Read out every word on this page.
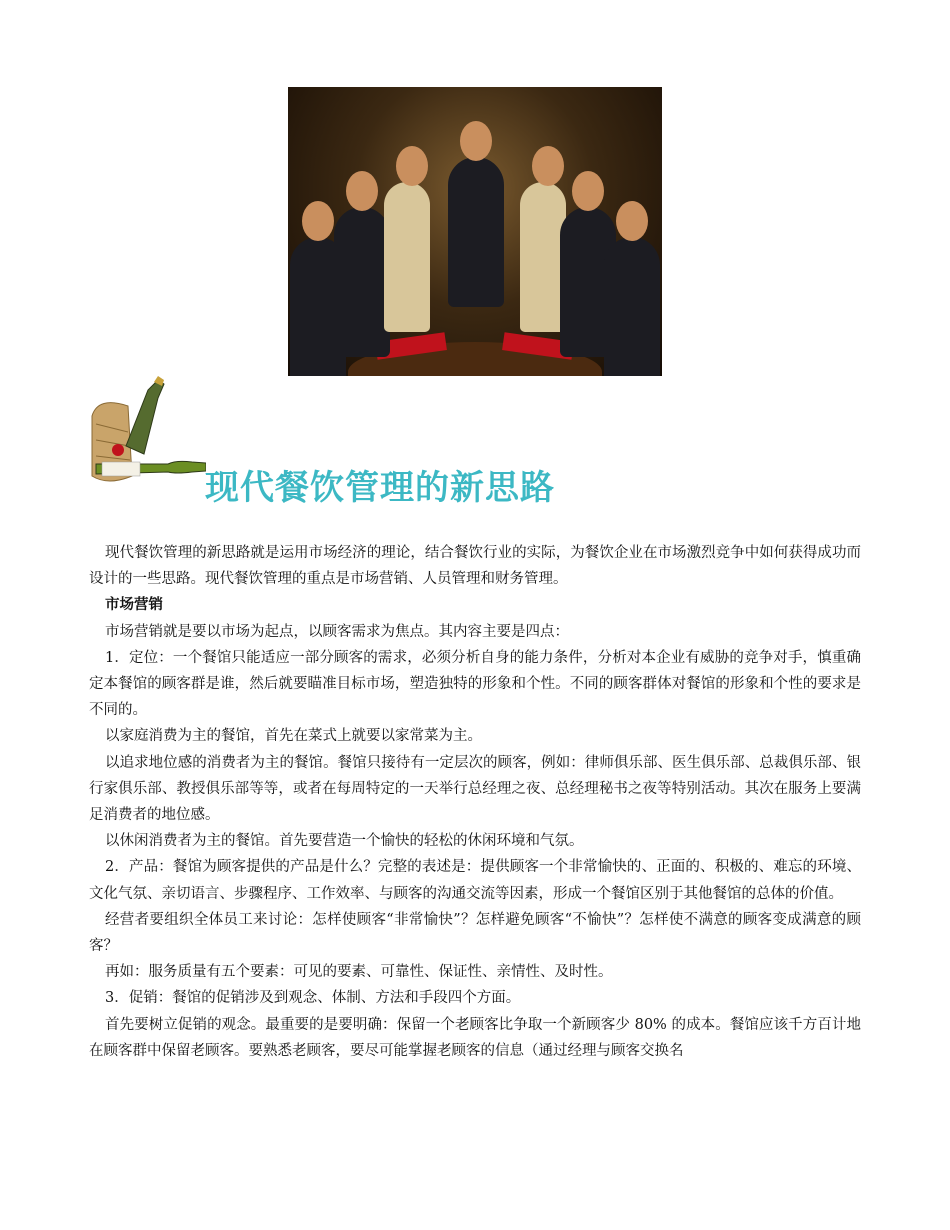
现代餐饮管理的新思路

现代餐饮管理的新思路就是运用市场经济的理论，结合餐饮行业的实际，为餐饮企业在市场激烈竞争中如何获得成功而设计的一些思路。现代餐饮管理的重点是市场营销、人员管理和财务管理。

市场营销

市场营销就是要以市场为起点，以顾客需求为焦点。其内容主要是四点：

1．定位：一个餐馆只能适应一部分顾客的需求，必须分析自身的能力条件，分析对本企业有威胁的竞争对手，慎重确定本餐馆的顾客群是谁，然后就要瞄准目标市场，塑造独特的形象和个性。不同的顾客群体对餐馆的形象和个性的要求是不同的。

以家庭消费为主的餐馆，首先在菜式上就要以家常菜为主。

以追求地位感的消费者为主的餐馆。餐馆只接待有一定层次的顾客，例如：律师俱乐部、医生俱乐部、总裁俱乐部、银行家俱乐部、教授俱乐部等等，或者在每周特定的一天举行总经理之夜、总经理秘书之夜等特别活动。其次在服务上要满足消费者的地位感。

以休闲消费者为主的餐馆。首先要营造一个愉快的轻松的休闲环境和气氛。

2．产品：餐馆为顾客提供的产品是什么？完整的表述是：提供顾客一个非常愉快的、正面的、积极的、难忘的环境、文化气氛、亲切语言、步骤程序、工作效率、与顾客的沟通交流等因素，形成一个餐馆区别于其他餐馆的总体的价值。

经营者要组织全体员工来讨论：怎样使顾客“非常愉快”？怎样避免顾客“不愉快”？怎样使不满意的顾客变成满意的顾客？

再如：服务质量有五个要素：可见的要素、可靠性、保证性、亲情性、及时性。

3．促销：餐馆的促销涉及到观念、体制、方法和手段四个方面。

首先要树立促销的观念。最重要的是要明确：保留一个老顾客比争取一个新顾客少 80% 的成本。餐馆应该千方百计地在顾客群中保留老顾客。要熟悉老顾客，要尽可能掌握老顾客的信息（通过经理与顾客交换名
